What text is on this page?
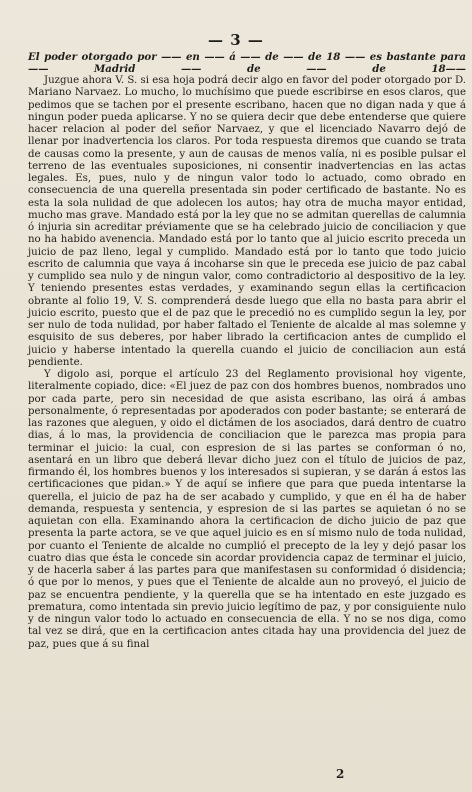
— 3 —
El poder otorgado por —— en —— á —— de —— de 18 —— es bastante para —— Madrid —— de —— de 18——

Juzgue ahora V. S. si esa hoja podrá decir algo en favor del poder otorgado por D. Mariano Narvaez. Lo mucho, lo muchísimo que puede escribirse en esos claros, que pedimos que se tachen por el presente escribano, hacen que no digan nada y que á ningun poder pueda aplicarse. Y no se quiera decir que debe entenderse que quiere hacer relacion al poder del señor Narvaez, y que el licenciado Navarro dejó de llenar por inadvertencia los claros. Por toda respuesta diremos que cuando se trata de causas como la presente, y aun de causas de menos valía, ni es posible pulsar el terreno de las eventuales suposiciones, ni consentir inadvertencias en las actas legales. Es, pues, nulo y de ningun valor todo lo actuado, como obrado en consecuencia de una querella presentada sin poder certificado de bastante. No es esta la sola nulidad de que adolecen los autos; hay otra de mucha mayor entidad, mucho mas grave. Mandado está por la ley que no se admitan querellas de calumnia ó injuria sin acreditar préviamente que se ha celebrado juicio de conciliacion y que no ha habido avenencia. Mandado está por lo tanto que al juicio escrito preceda un juicio de paz lleno, legal y cumplido. Mandado está por lo tanto que todo juicio escrito de calumnia que vaya á incoharse sin que le preceda ese juicio de paz cabal y cumplido sea nulo y de ningun valor, como contradictorio al despositivo de la ley. Y teniendo presentes estas verdades, y examinando segun ellas la certificacion obrante al folio 19, V. S. comprenderá desde luego que ella no basta para abrir el juicio escrito, puesto que el de paz que le precedió no es cumplido segun la ley, por ser nulo de toda nulidad, por haber faltado el Teniente de alcalde al mas solemne y esquisito de sus deberes, por haber librado la certificacion antes de cumplido el juicio y haberse intentado la querella cuando el juicio de conciliacion aun está pendiente.

Y digolo asi, porque el artículo 23 del Reglamento provisional hoy vigente, literalmente copiado, dice: «El juez de paz con dos hombres buenos, nombrados uno por cada parte, pero sin necesidad de que asista escribano, las oirá á ambas personalmente, ó representadas por apoderados con poder bastante; se enterará de las razones que aleguen, y oido el dictámen de los asociados, dará dentro de cuatro dias, á lo mas, la providencia de conciliacion que le parezca mas propia para terminar el juicio: la cual, con espresion de si las partes se conforman ó no, asentará en un libro que deberá llevar dicho juez con el título de juicios de paz, firmando él, los hombres buenos y los interesados si supieran, y se darán á estos las certificaciones que pidan.» Y de aquí se infiere que para que pueda intentarse la querella, el juicio de paz ha de ser acabado y cumplido, y que en él ha de haber demanda, respuesta y sentencia, y espresion de si las partes se aquietan ó no se aquietan con ella. Examinando ahora la certificacion de dicho juicio de paz que presenta la parte actora, se ve que aquel juicio es en sí mismo nulo de toda nulidad, por cuanto el Teniente de alcalde no cumplió el precepto de la ley y dejó pasar los cuatro dias que ésta le concede sin acordar providencia capaz de terminar el juicio, y de hacerla saber á las partes para que manifestasen su conformidad ó disidencia; ó que por lo menos, y pues que el Teniente de alcalde aun no proveyó, el juicio de paz se encuentra pendiente, y la querella que se ha intentado en este juzgado es prematura, como intentada sin previo juicio legítimo de paz, y por consiguiente nulo y de ningun valor todo lo actuado en consecuencia de ella. Y no se nos diga, como tal vez se dirá, que en la certificacion antes citada hay una providencia del juez de paz, pues que á su final

2
